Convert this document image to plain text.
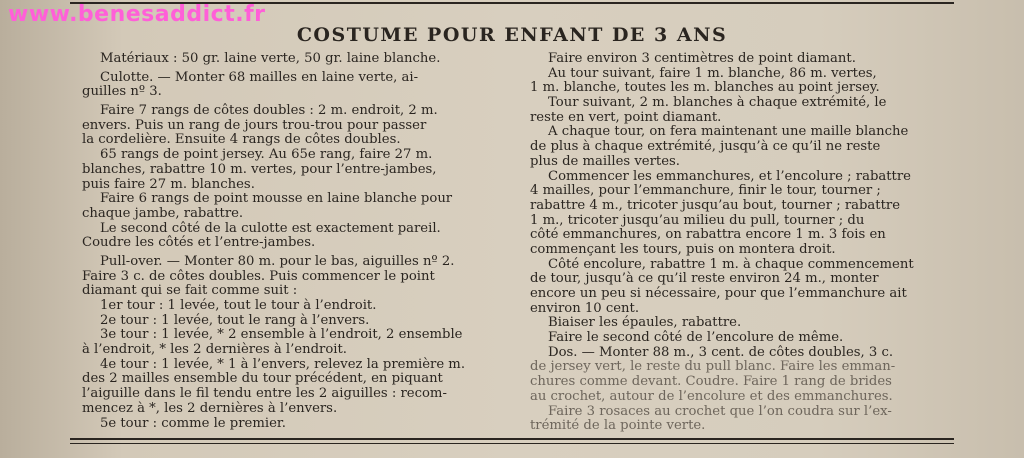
www.benesaddict.fr
COSTUME POUR ENFANT DE 3 ANS
Matériaux : 50 gr. laine verte, 50 gr. laine blanche.
Culotte. — Monter 68 mailles en laine verte, ai-
guilles nº 3.
Faire 7 rangs de côtes doubles : 2 m. endroit, 2 m.
envers. Puis un rang de jours trou-trou pour passer
la cordelière. Ensuite 4 rangs de côtes doubles.
65 rangs de point jersey. Au 65e rang, faire 27 m.
blanches, rabattre 10 m. vertes, pour l’entre-jambes,
puis faire 27 m. blanches.
Faire 6 rangs de point mousse en laine blanche pour
chaque jambe, rabattre.
Le second côté de la culotte est exactement pareil.
Coudre les côtés et l’entre-jambes.
Pull-over. — Monter 80 m. pour le bas, aiguilles nº 2.
Faire 3 c. de côtes doubles. Puis commencer le point
diamant qui se fait comme suit :
1er tour : 1 levée, tout le tour à l’endroit.
2e tour : 1 levée, tout le rang à l’envers.
3e tour : 1 levée, * 2 ensemble à l’endroit, 2 ensemble
à l’endroit, * les 2 dernières à l’endroit.
4e tour : 1 levée, * 1 à l’envers, relevez la première m.
des 2 mailles ensemble du tour précédent, en piquant
l’aiguille dans le fil tendu entre les 2 aiguilles : recom-
mencez à *, les 2 dernières à l’envers.
5e tour : comme le premier.
Faire environ 3 centimètres de point diamant.
Au tour suivant, faire 1 m. blanche, 86 m. vertes,
1 m. blanche, toutes les m. blanches au point jersey.
Tour suivant, 2 m. blanches à chaque extrémité, le
reste en vert, point diamant.
A chaque tour, on fera maintenant une maille blanche
de plus à chaque extrémité, jusqu’à ce qu’il ne reste
plus de mailles vertes.
Commencer les emmanchures, et l’encolure ; rabattre
4 mailles, pour l’emmanchure, finir le tour, tourner ;
rabattre 4 m., tricoter jusqu’au bout, tourner ; rabattre
1 m., tricoter jusqu’au milieu du pull, tourner ; du
côté emmanchures, on rabattra encore 1 m. 3 fois en
commençant les tours, puis on montera droit.
Côté encolure, rabattre 1 m. à chaque commencement
de tour, jusqu’à ce qu’il reste environ 24 m., monter
encore un peu si nécessaire, pour que l’emmanchure ait
environ 10 cent.
Biaiser les épaules, rabattre.
Faire le second côté de l’encolure de même.
Dos. — Monter 88 m., 3 cent. de côtes doubles, 3 c.
de jersey vert, le reste du pull blanc. Faire les emman-
chures comme devant. Coudre. Faire 1 rang de brides
au crochet, autour de l’encolure et des emmanchures.
Faire 3 rosaces au crochet que l’on coudra sur l’ex-
trémité de la pointe verte.
